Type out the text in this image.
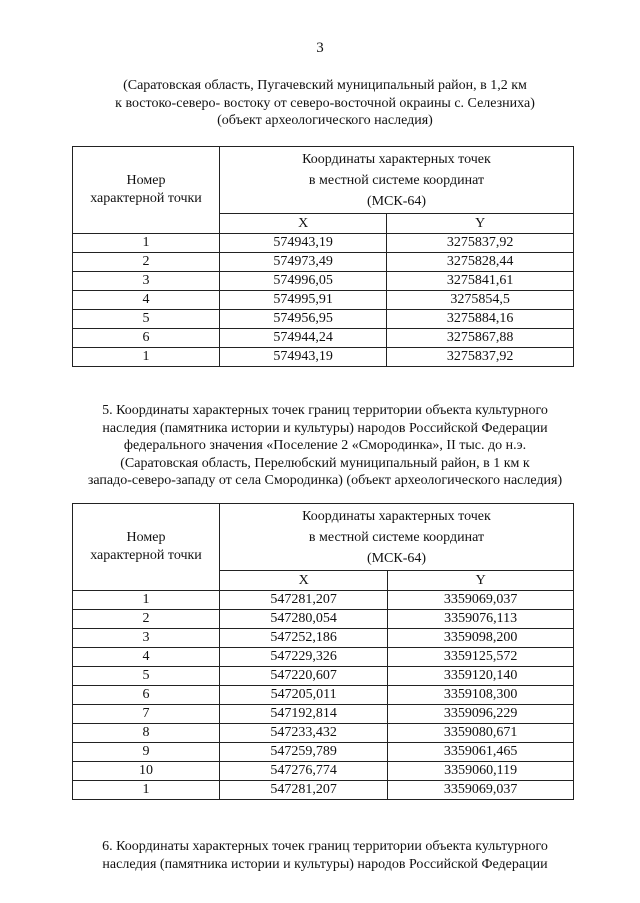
3

(Саратовская область, Пугачевский муниципальный район, в 1,2 км
к востоко-северо- востоку от северо-восточной окраины с. Селезниха)
(объект археологического наследия)

Номер
характерной точки	Координаты характерных точек
в местной системе координат
(МСК-64)	

	X	Y
1	574943,19	3275837,92
2	574973,49	3275828,44
3	574996,05	3275841,61
4	574995,91	3275854,5
5	574956,95	3275884,16
6	574944,24	3275867,88
1	574943,19	3275837,92

5. Координаты характерных точек границ территории объекта культурного
наследия (памятника истории и культуры) народов Российской Федерации
федерального значения «Поселение 2 «Смородинка», II тыс. до н.э.
(Саратовская область, Перелюбский муниципальный район, в 1 км к
западо-северо-западу от села Смородинка) (объект археологического наследия)

Номер
характерной точки	Координаты характерных точек
в местной системе координат
(МСК-64)	

	X	Y
1	547281,207	3359069,037
2	547280,054	3359076,113
3	547252,186	3359098,200
4	547229,326	3359125,572
5	547220,607	3359120,140
6	547205,011	3359108,300
7	547192,814	3359096,229
8	547233,432	3359080,671
9	547259,789	3359061,465
10	547276,774	3359060,119
1	547281,207	3359069,037

6. Координаты характерных точек границ территории объекта культурного
наследия (памятника истории и культуры) народов Российской Федерации
